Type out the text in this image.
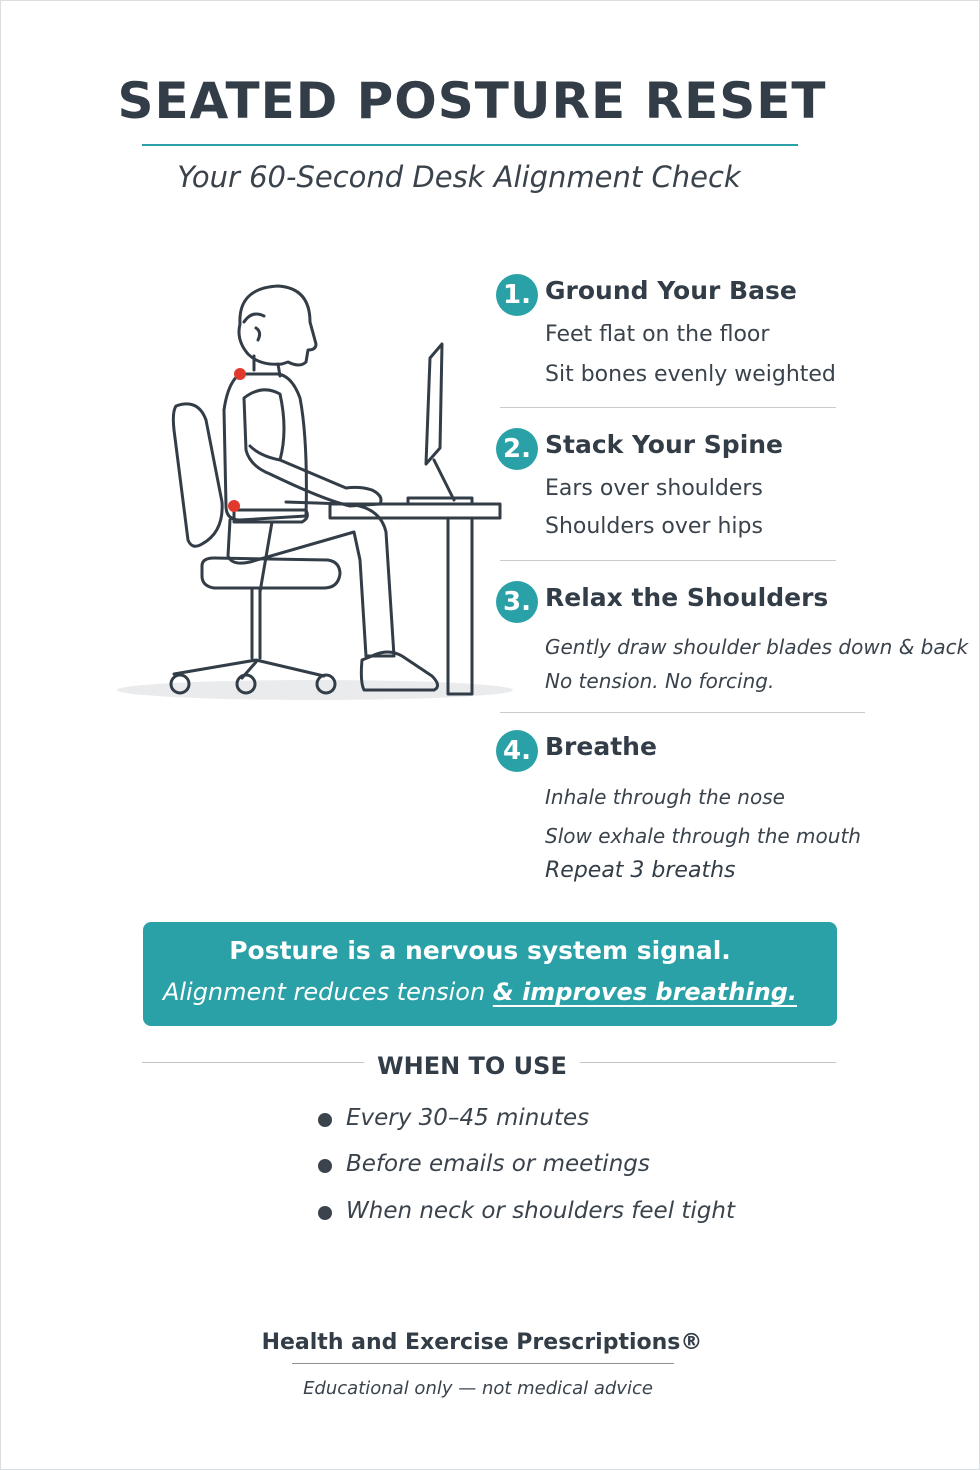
SEATED POSTURE RESET
Your 60-Second Desk Alignment Check
1. Ground Your Base
Feet flat on the floor
Sit bones evenly weighted
2. Stack Your Spine
Ears over shoulders
Shoulders over hips
3. Relax the Shoulders
Gently draw shoulder blades down & back
No tension. No forcing.
4. Breathe
Inhale through the nose
Slow exhale through the mouth
Repeat 3 breaths
Posture is a nervous system signal.
Alignment reduces tension & improves breathing.
WHEN TO USE
Every 30–45 minutes
Before emails or meetings
When neck or shoulders feel tight
Health and Exercise Prescriptions®
Educational only — not medical advice
